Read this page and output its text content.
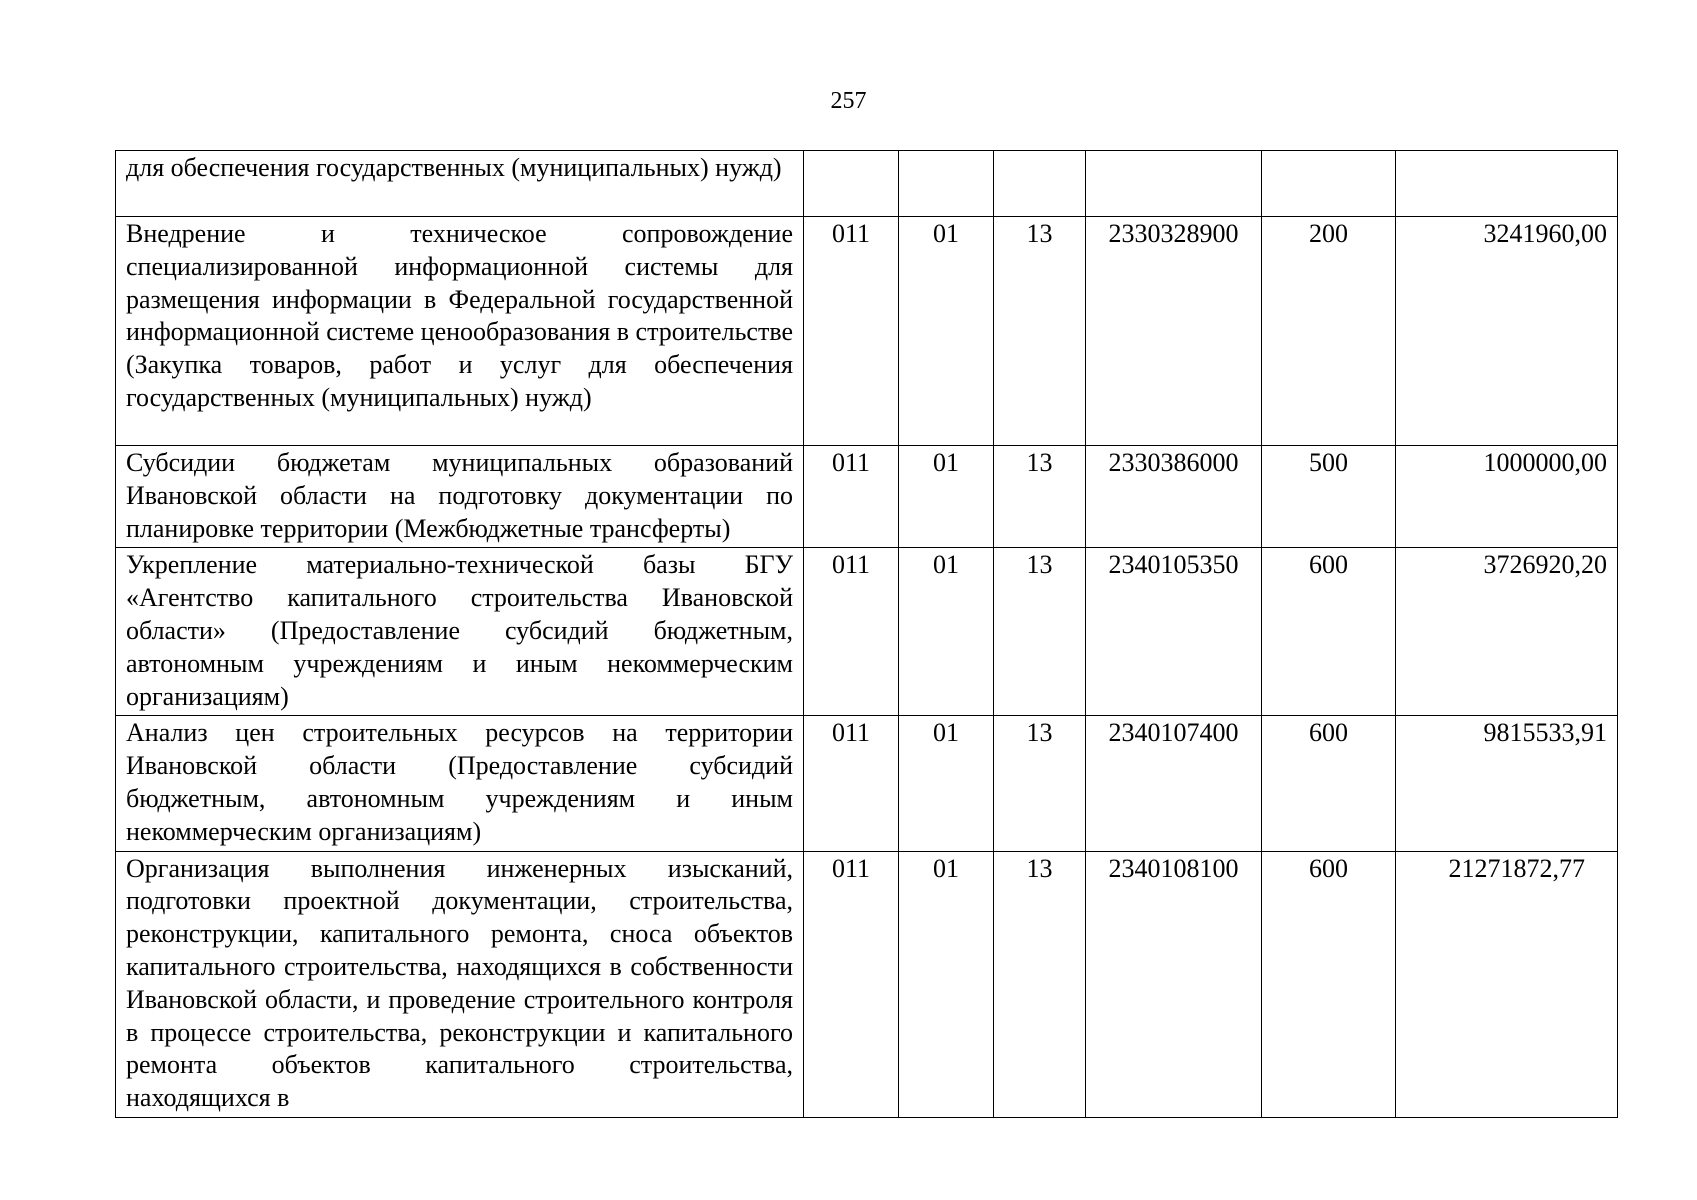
257
для обеспечения государственных (муниципальных) нужд)						
Внедрение и техническое сопровождение специализированной информационной системы для размещения информации в Федеральной государственной информационной системе ценообразования в строительстве (Закупка товаров, работ и услуг для обеспечения государственных (муниципальных) нужд)	011	01	13	2330328900	200	3241960,00
Субсидии бюджетам муниципальных образований Ивановской области на подготовку документации по планировке территории (Межбюджетные трансферты)	011	01	13	2330386000	500	1000000,00
Укрепление материально-технической базы БГУ «Агентство капитального строительства Ивановской области» (Предоставление субсидий бюджетным, автономным учреждениям и иным некоммерческим организациям)	011	01	13	2340105350	600	3726920,20
Анализ цен строительных ресурсов на территории Ивановской области (Предоставление субсидий бюджетным, автономным учреждениям и иным некоммерческим организациям)	011	01	13	2340107400	600	9815533,91
Организация выполнения инженерных изысканий, подготовки проектной документации, строительства, реконструкции, капитального ремонта, сноса объектов капитального строительства, находящихся в собственности Ивановской области, и проведение строительного контроля в процессе строительства, реконструкции и капитального ремонта объектов капитального строительства, находящихся в	011	01	13	2340108100	600	21271872,77
